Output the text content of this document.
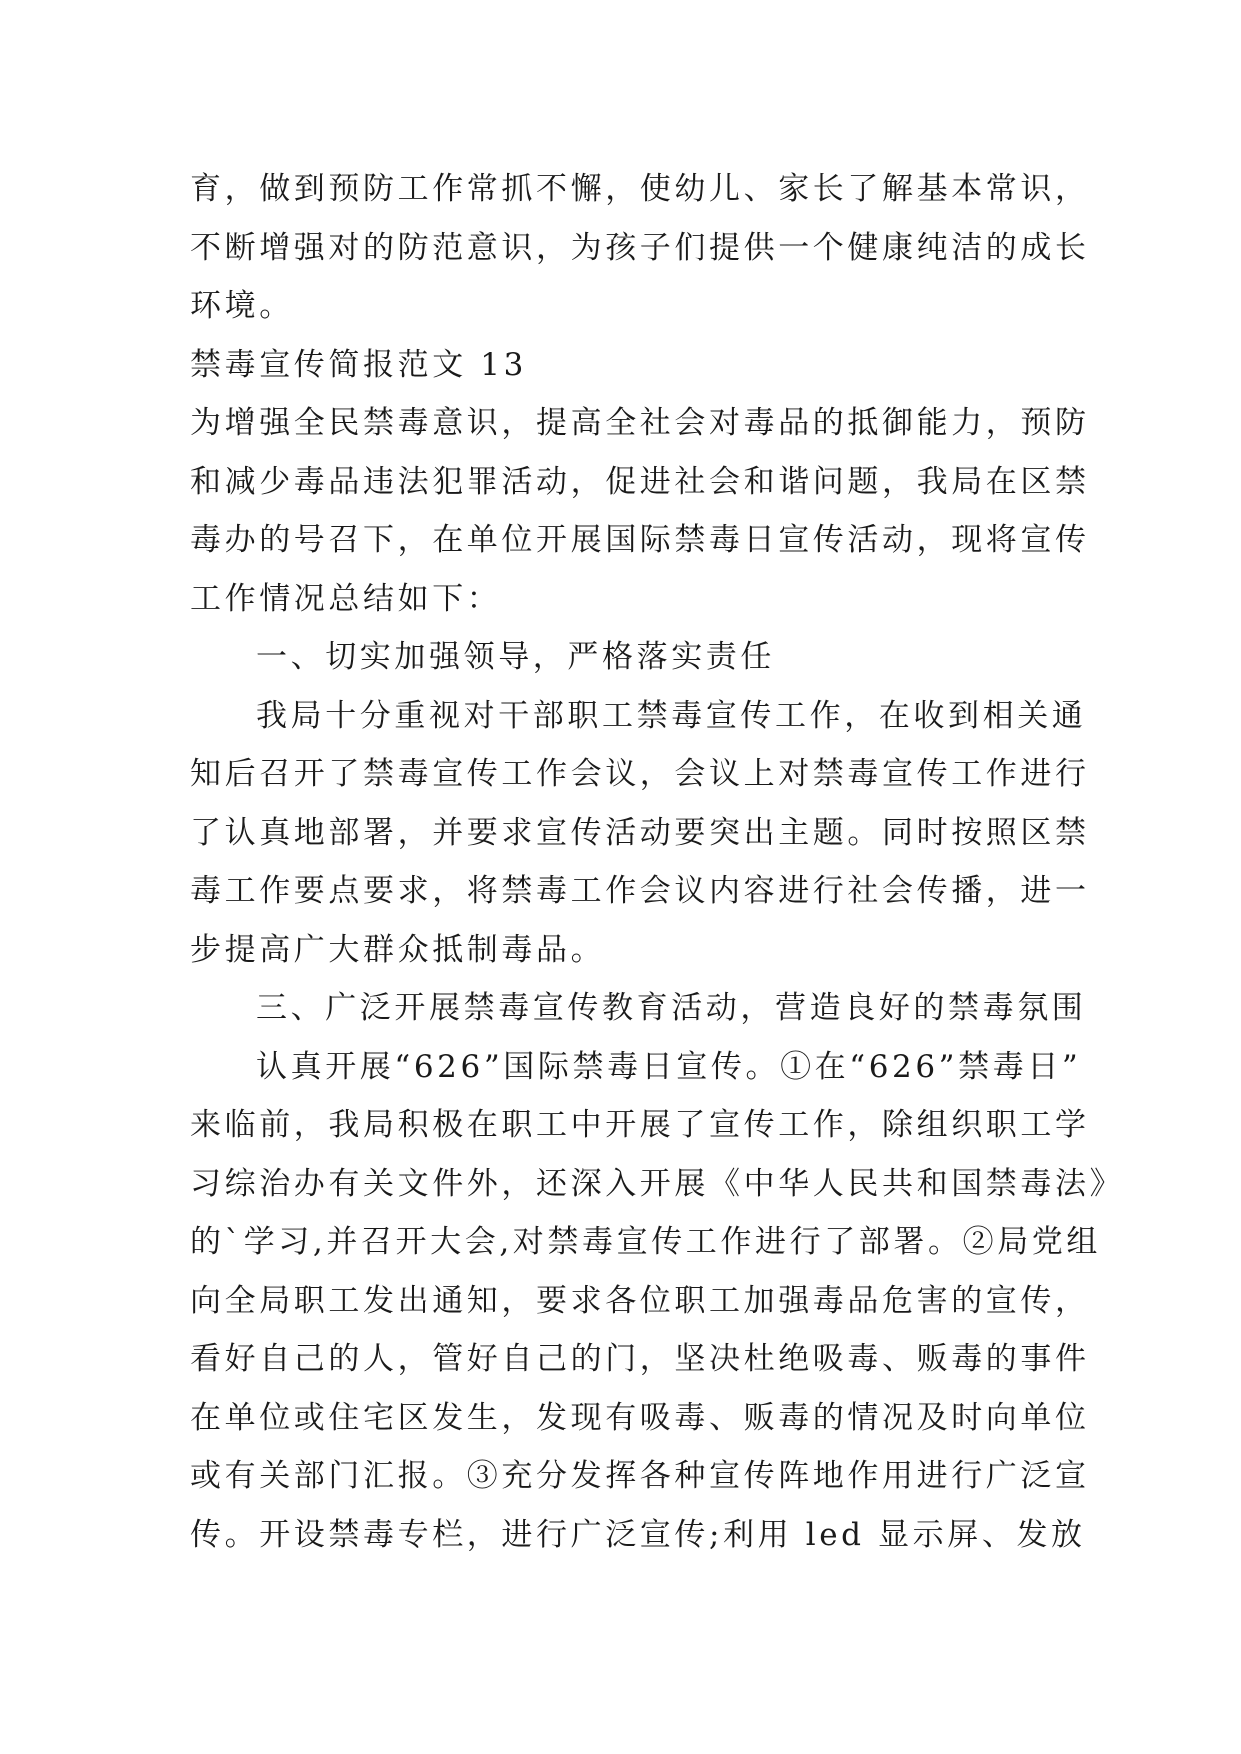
育，做到预防工作常抓不懈，使幼儿、家长了解基本常识，
不断增强对的防范意识，为孩子们提供一个健康纯洁的成长
环境。
禁毒宣传简报范文 13
为增强全民禁毒意识，提高全社会对毒品的抵御能力，预防
和减少毒品违法犯罪活动，促进社会和谐问题，我局在区禁
毒办的号召下，在单位开展国际禁毒日宣传活动，现将宣传
工作情况总结如下：
一、切实加强领导，严格落实责任
我局十分重视对干部职工禁毒宣传工作，在收到相关通
知后召开了禁毒宣传工作会议，会议上对禁毒宣传工作进行
了认真地部署，并要求宣传活动要突出主题。同时按照区禁
毒工作要点要求，将禁毒工作会议内容进行社会传播，进一
步提高广大群众抵制毒品。
三、广泛开展禁毒宣传教育活动，营造良好的禁毒氛围
认真开展“626”国际禁毒日宣传。①在“626”禁毒日”
来临前，我局积极在职工中开展了宣传工作，除组织职工学
习综治办有关文件外，还深入开展《中华人民共和国禁毒法》
的`学习,并召开大会,对禁毒宣传工作进行了部署。②局党组
向全局职工发出通知，要求各位职工加强毒品危害的宣传，
看好自己的人，管好自己的门，坚决杜绝吸毒、贩毒的事件
在单位或住宅区发生，发现有吸毒、贩毒的情况及时向单位
或有关部门汇报。③充分发挥各种宣传阵地作用进行广泛宣
传。开设禁毒专栏，进行广泛宣传;利用 led 显示屏、发放
